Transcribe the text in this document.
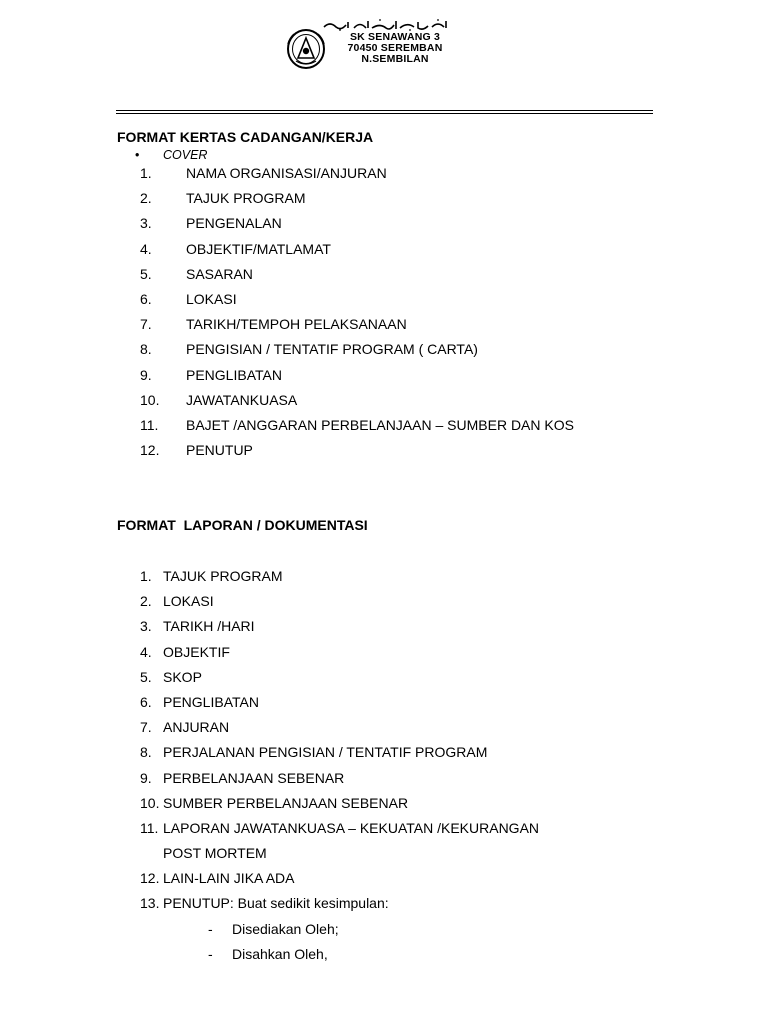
SK SENAWANG 3
70450 SEREMBAN
N.SEMBILAN
FORMAT KERTAS CADANGAN/KERJA
• COVER
1. NAMA ORGANISASI/ANJURAN
2. TAJUK PROGRAM
3. PENGENALAN
4. OBJEKTIF/MATLAMAT
5. SASARAN
6. LOKASI
7. TARIKH/TEMPOH PELAKSANAAN
8. PENGISIAN / TENTATIF PROGRAM ( CARTA)
9. PENGLIBATAN
10. JAWATANKUASA
11. BAJET /ANGGARAN PERBELANJAAN – SUMBER DAN KOS
12. PENUTUP
FORMAT  LAPORAN / DOKUMENTASI
1. TAJUK PROGRAM
2. LOKASI
3. TARIKH /HARI
4. OBJEKTIF
5. SKOP
6. PENGLIBATAN
7. ANJURAN
8. PERJALANAN PENGISIAN / TENTATIF PROGRAM
9. PERBELANJAAN SEBENAR
10. SUMBER PERBELANJAAN SEBENAR
11. LAPORAN JAWATANKUASA – KEKUATAN /KEKURANGAN
POST MORTEM
12. LAIN-LAIN JIKA ADA
13. PENUTUP: Buat sedikit kesimpulan:
- Disediakan Oleh;
- Disahkan Oleh,
